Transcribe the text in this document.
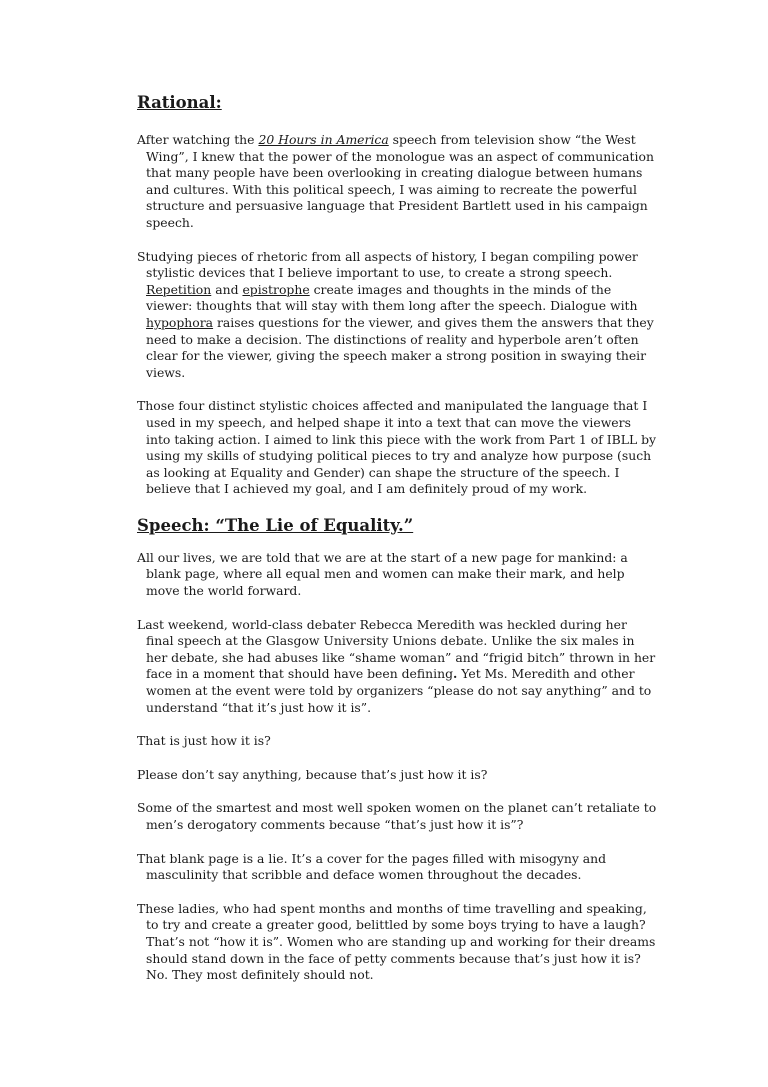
Rational:

After watching the 20 Hours in America speech from television show “the West Wing”, I knew that the power of the monologue was an aspect of communication that many people have been overlooking in creating dialogue between humans and cultures. With this political speech, I was aiming to recreate the powerful structure and persuasive language that President Bartlett used in his campaign speech.

Studying pieces of rhetoric from all aspects of history, I began compiling power stylistic devices that I believe important to use, to create a strong speech. Repetition and epistrophe create images and thoughts in the minds of the viewer: thoughts that will stay with them long after the speech. Dialogue with hypophora raises questions for the viewer, and gives them the answers that they need to make a decision. The distinctions of reality and hyperbole aren’t often clear for the viewer, giving the speech maker a strong position in swaying their views.

Those four distinct stylistic choices affected and manipulated the language that I used in my speech, and helped shape it into a text that can move the viewers into taking action. I aimed to link this piece with the work from Part 1 of IBLL by using my skills of studying political pieces to try and analyze how purpose (such as looking at Equality and Gender) can shape the structure of the speech. I believe that I achieved my goal, and I am definitely proud of my work.

Speech: “The Lie of Equality.”

All our lives, we are told that we are at the start of a new page for mankind: a blank page, where all equal men and women can make their mark, and help move the world forward.

Last weekend, world-class debater Rebecca Meredith was heckled during her final speech at the Glasgow University Unions debate. Unlike the six males in her debate, she had abuses like “shame woman” and “frigid bitch” thrown in her face in a moment that should have been defining. Yet Ms. Meredith and other women at the event were told by organizers “please do not say anything” and to understand “that it’s just how it is”.

That is just how it is?

Please don’t say anything, because that’s just how it is?

Some of the smartest and most well spoken women on the planet can’t retaliate to men’s derogatory comments because “that’s just how it is”?

That blank page is a lie. It’s a cover for the pages filled with misogyny and masculinity that scribble and deface women throughout the decades.

These ladies, who had spent months and months of time travelling and speaking, to try and create a greater good, belittled by some boys trying to have a laugh? That’s not “how it is”. Women who are standing up and working for their dreams should stand down in the face of petty comments because that’s just how it is? No. They most definitely should not.
